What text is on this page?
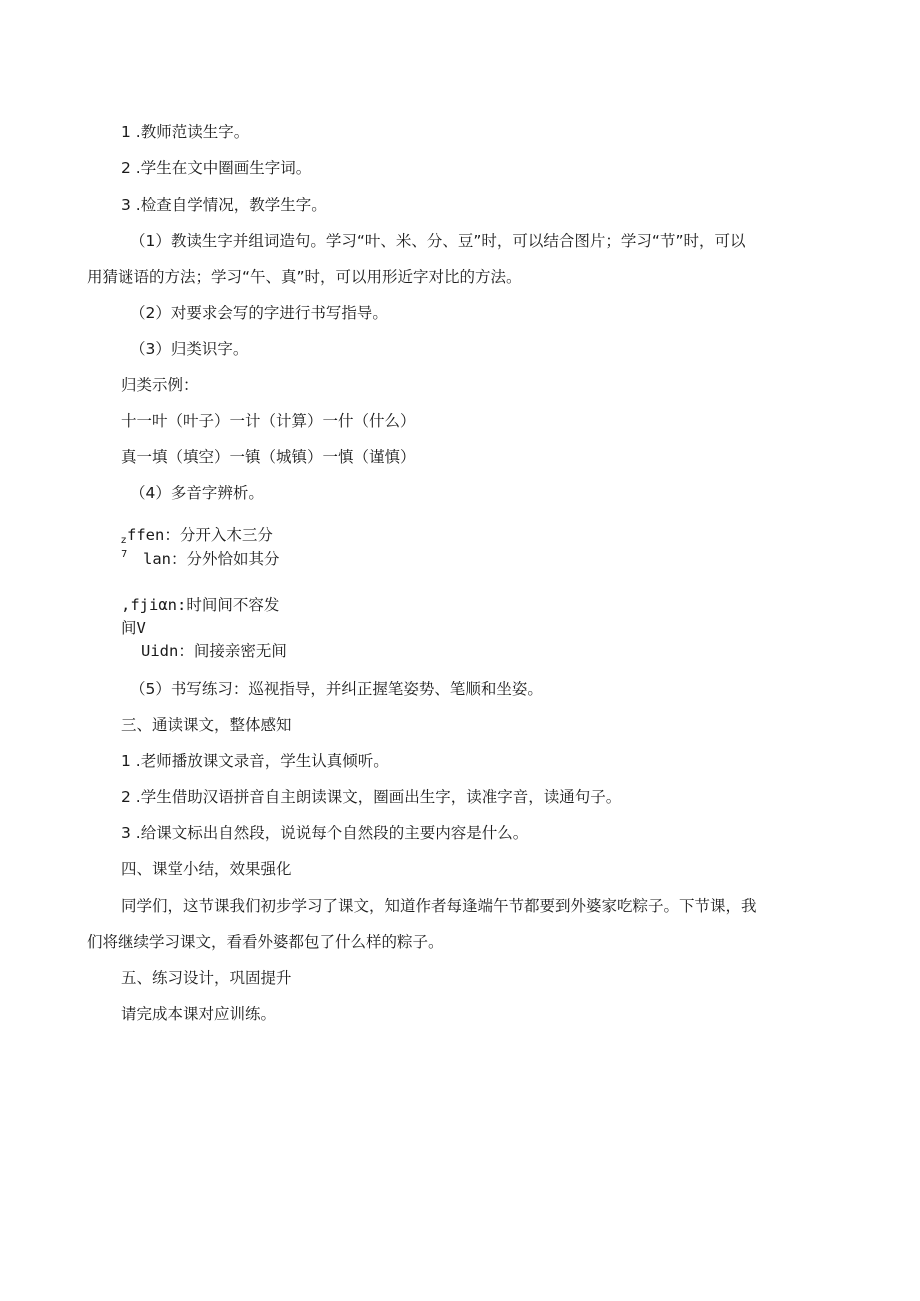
1 .教师范读生字。
2 .学生在文中圈画生字词。
3 .检查自学情况，教学生字。
（1）教读生字并组词造句。学习“叶、米、分、豆”时，可以结合图片；学习“节”时，可以
用猜谜语的方法；学习“午、真”时，可以用形近字对比的方法。
（2）对要求会写的字进行书写指导。
（3）归类识字。
归类示例：
十一叶（叶子）一计（计算）一什（什么）
真一填（填空）一镇（城镇）一慎（谨慎）
（4）多音字辨析。
z ffen：分开入木三分
7 lan：分外恰如其分
,fjiαn:时间间不容发
间V
Uidn：间接亲密无间
（5）书写练习：巡视指导，并纠正握笔姿势、笔顺和坐姿。
三、通读课文，整体感知
1 .老师播放课文录音，学生认真倾听。
2 .学生借助汉语拼音自主朗读课文，圈画出生字，读准字音，读通句子。
3 .给课文标出自然段，说说每个自然段的主要内容是什么。
四、课堂小结，效果强化
同学们，这节课我们初步学习了课文，知道作者每逢端午节都要到外婆家吃粽子。下节课，我
们将继续学习课文，看看外婆都包了什么样的粽子。
五、练习设计，巩固提升
请完成本课对应训练。
